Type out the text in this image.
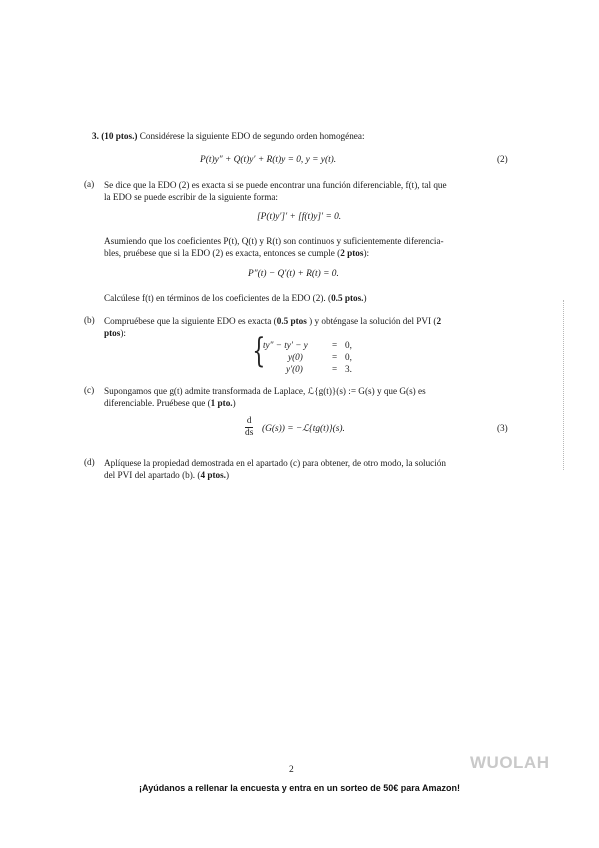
3. (10 ptos.) Considérese la siguiente EDO de segundo orden homogénea:
P(t)y″ + Q(t)y′ + R(t)y = 0, y = y(t).	(2)
(a) Se dice que la EDO (2) es exacta si se puede encontrar una función diferenciable, f(t), tal que
la EDO se puede escribir de la siguiente forma:
[P(t)y′]′ + [f(t)y]′ = 0.
Asumiendo que los coeficientes P(t), Q(t) y R(t) son continuos y suficientemente diferencia-
bles, pruébese que si la EDO (2) es exacta, entonces se cumple (2 ptos):
P″(t) − Q′(t) + R(t) = 0.
Calcúlese f(t) en términos de los coeficientes de la EDO (2). (0.5 ptos.)
(b) Compruébese que la siguiente EDO es exacta (0.5 ptos ) y obténgase la solución del PVI (2
ptos):	{
ty″ − ty′ − y	= 0,
y(0)	= 0,
y′(0)	= 3.
(c) Supongamos que g(t) admite transformada de Laplace, ℒ{g(t)}(s) := G(s) y que G(s) es
diferenciable. Pruébese que (1 pto.)
$\frac{d}{ds} (G(s))$ = −ℒ{tg(t)}(s).	(3)
(d) Aplíquese la propiedad demostrada en el apartado (c) para obtener, de otro modo, la solución
del PVI del apartado (b). (4 ptos.)
WUOLAH
2
¡Ayúdanos a rellenar la encuesta y entra en un sorteo de 50€ para Amazon!
